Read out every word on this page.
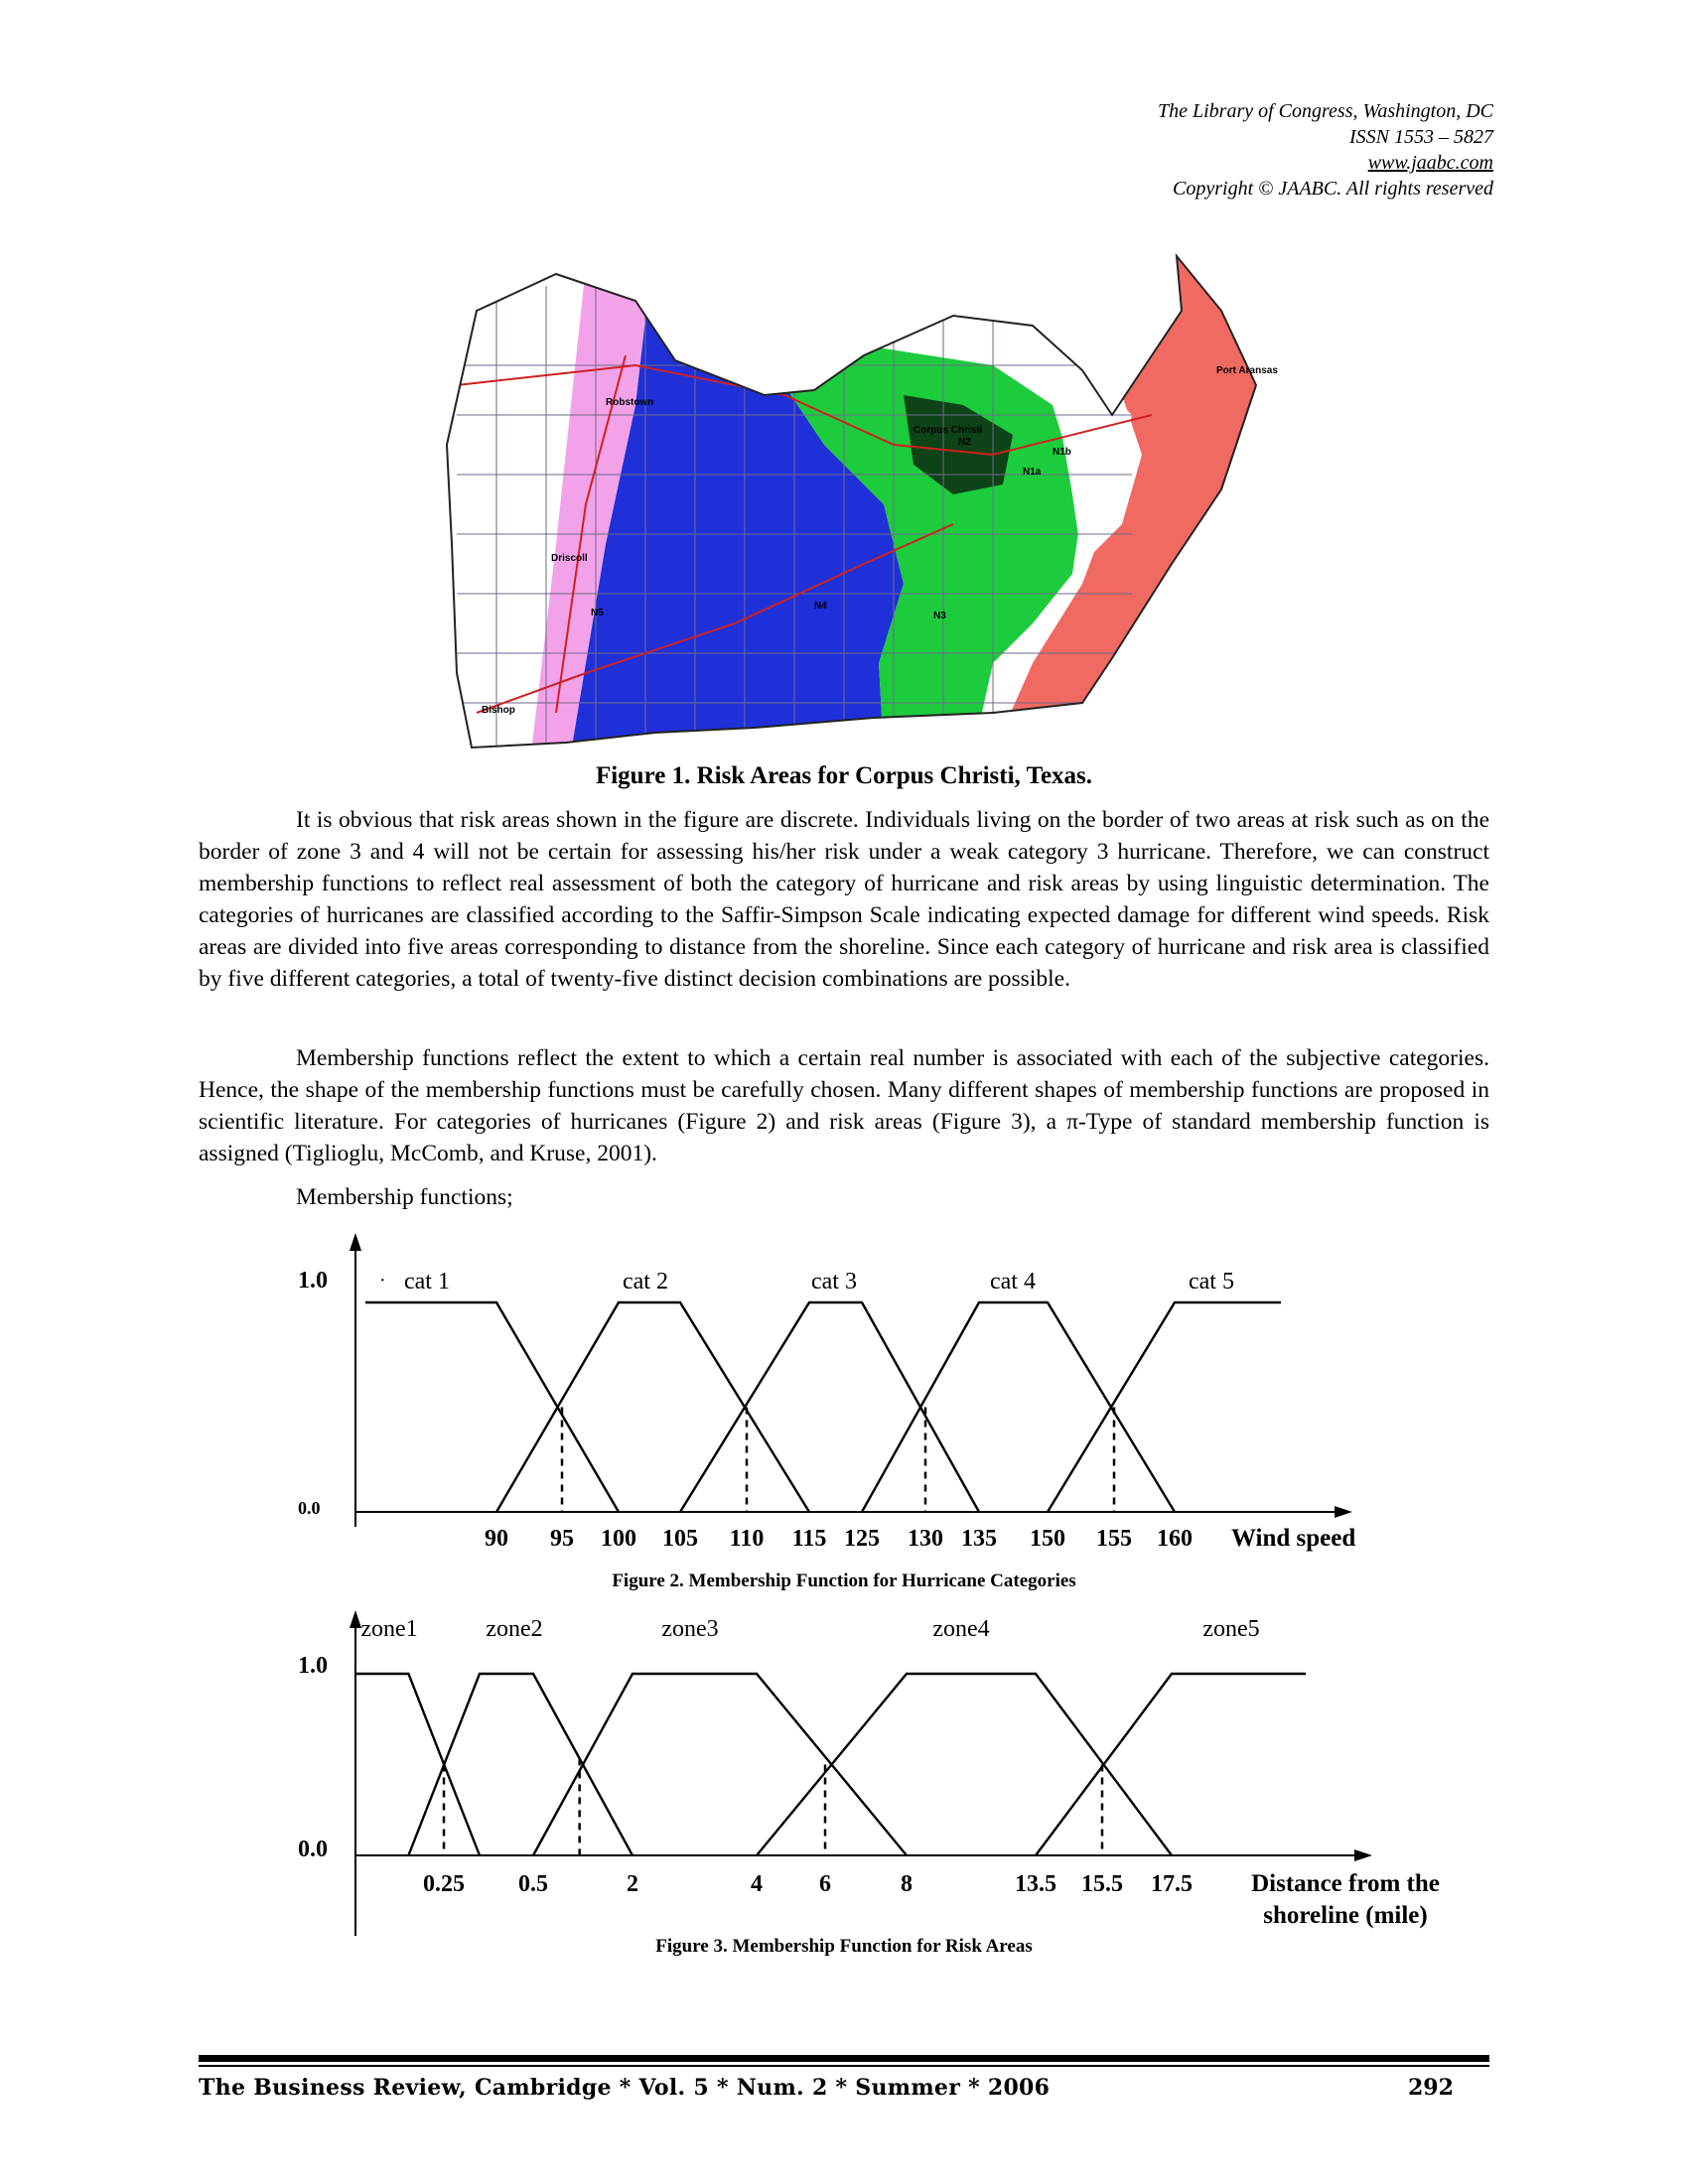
The Library of Congress, Washington, DC
ISSN 1553 – 5827
www.jaabc.com
Copyright © JAABC. All rights reserved
Corpus Christi
Port Aransas
Robstown
Driscoll
Bishop
N1a
N1b
N2
N3
N4
N5
Figure 1. Risk Areas for Corpus Christi, Texas.

It is obvious that risk areas shown in the figure are discrete. Individuals living on the border of two areas at risk such as on the border of zone 3 and 4 will not be certain for assessing his/her risk under a weak category 3 hurricane. Therefore, we can construct membership functions to reflect real assessment of both the category of hurricane and risk areas by using linguistic determination. The categories of hurricanes are classified according to the Saffir-Simpson Scale indicating expected damage for different wind speeds. Risk areas are divided into five areas corresponding to distance from the shoreline. Since each category of hurricane and risk area is classified by five different categories, a total of twenty-five distinct decision combinations are possible.

Membership functions reflect the extent to which a certain real number is associated with each of the subjective categories. Hence, the shape of the membership functions must be carefully chosen. Many different shapes of membership functions are proposed in scientific literature. For categories of hurricanes (Figure 2) and risk areas (Figure 3), a π-Type of standard membership function is assigned (Tiglioglu, McComb, and Kruse, 2001).

Membership functions;

1.0
0.0
·
Wind speed
Figure 2. Membership Function for Hurricane Categories
90 95 100 105 110 115 125 130 135 150 155 160
cat 1	cat 2	cat 3	cat 4	cat 5
1.0
0.0
Distance from the
shoreline (mile)
Figure 3. Membership Function for Risk Areas
0.25 0.5	2	4 6	8	13.5 15.5 17.5
zone1	zone2	zone3	zone4	zone5
The Business Review, Cambridge * Vol. 5 * Num. 2 * Summer * 2006	292
